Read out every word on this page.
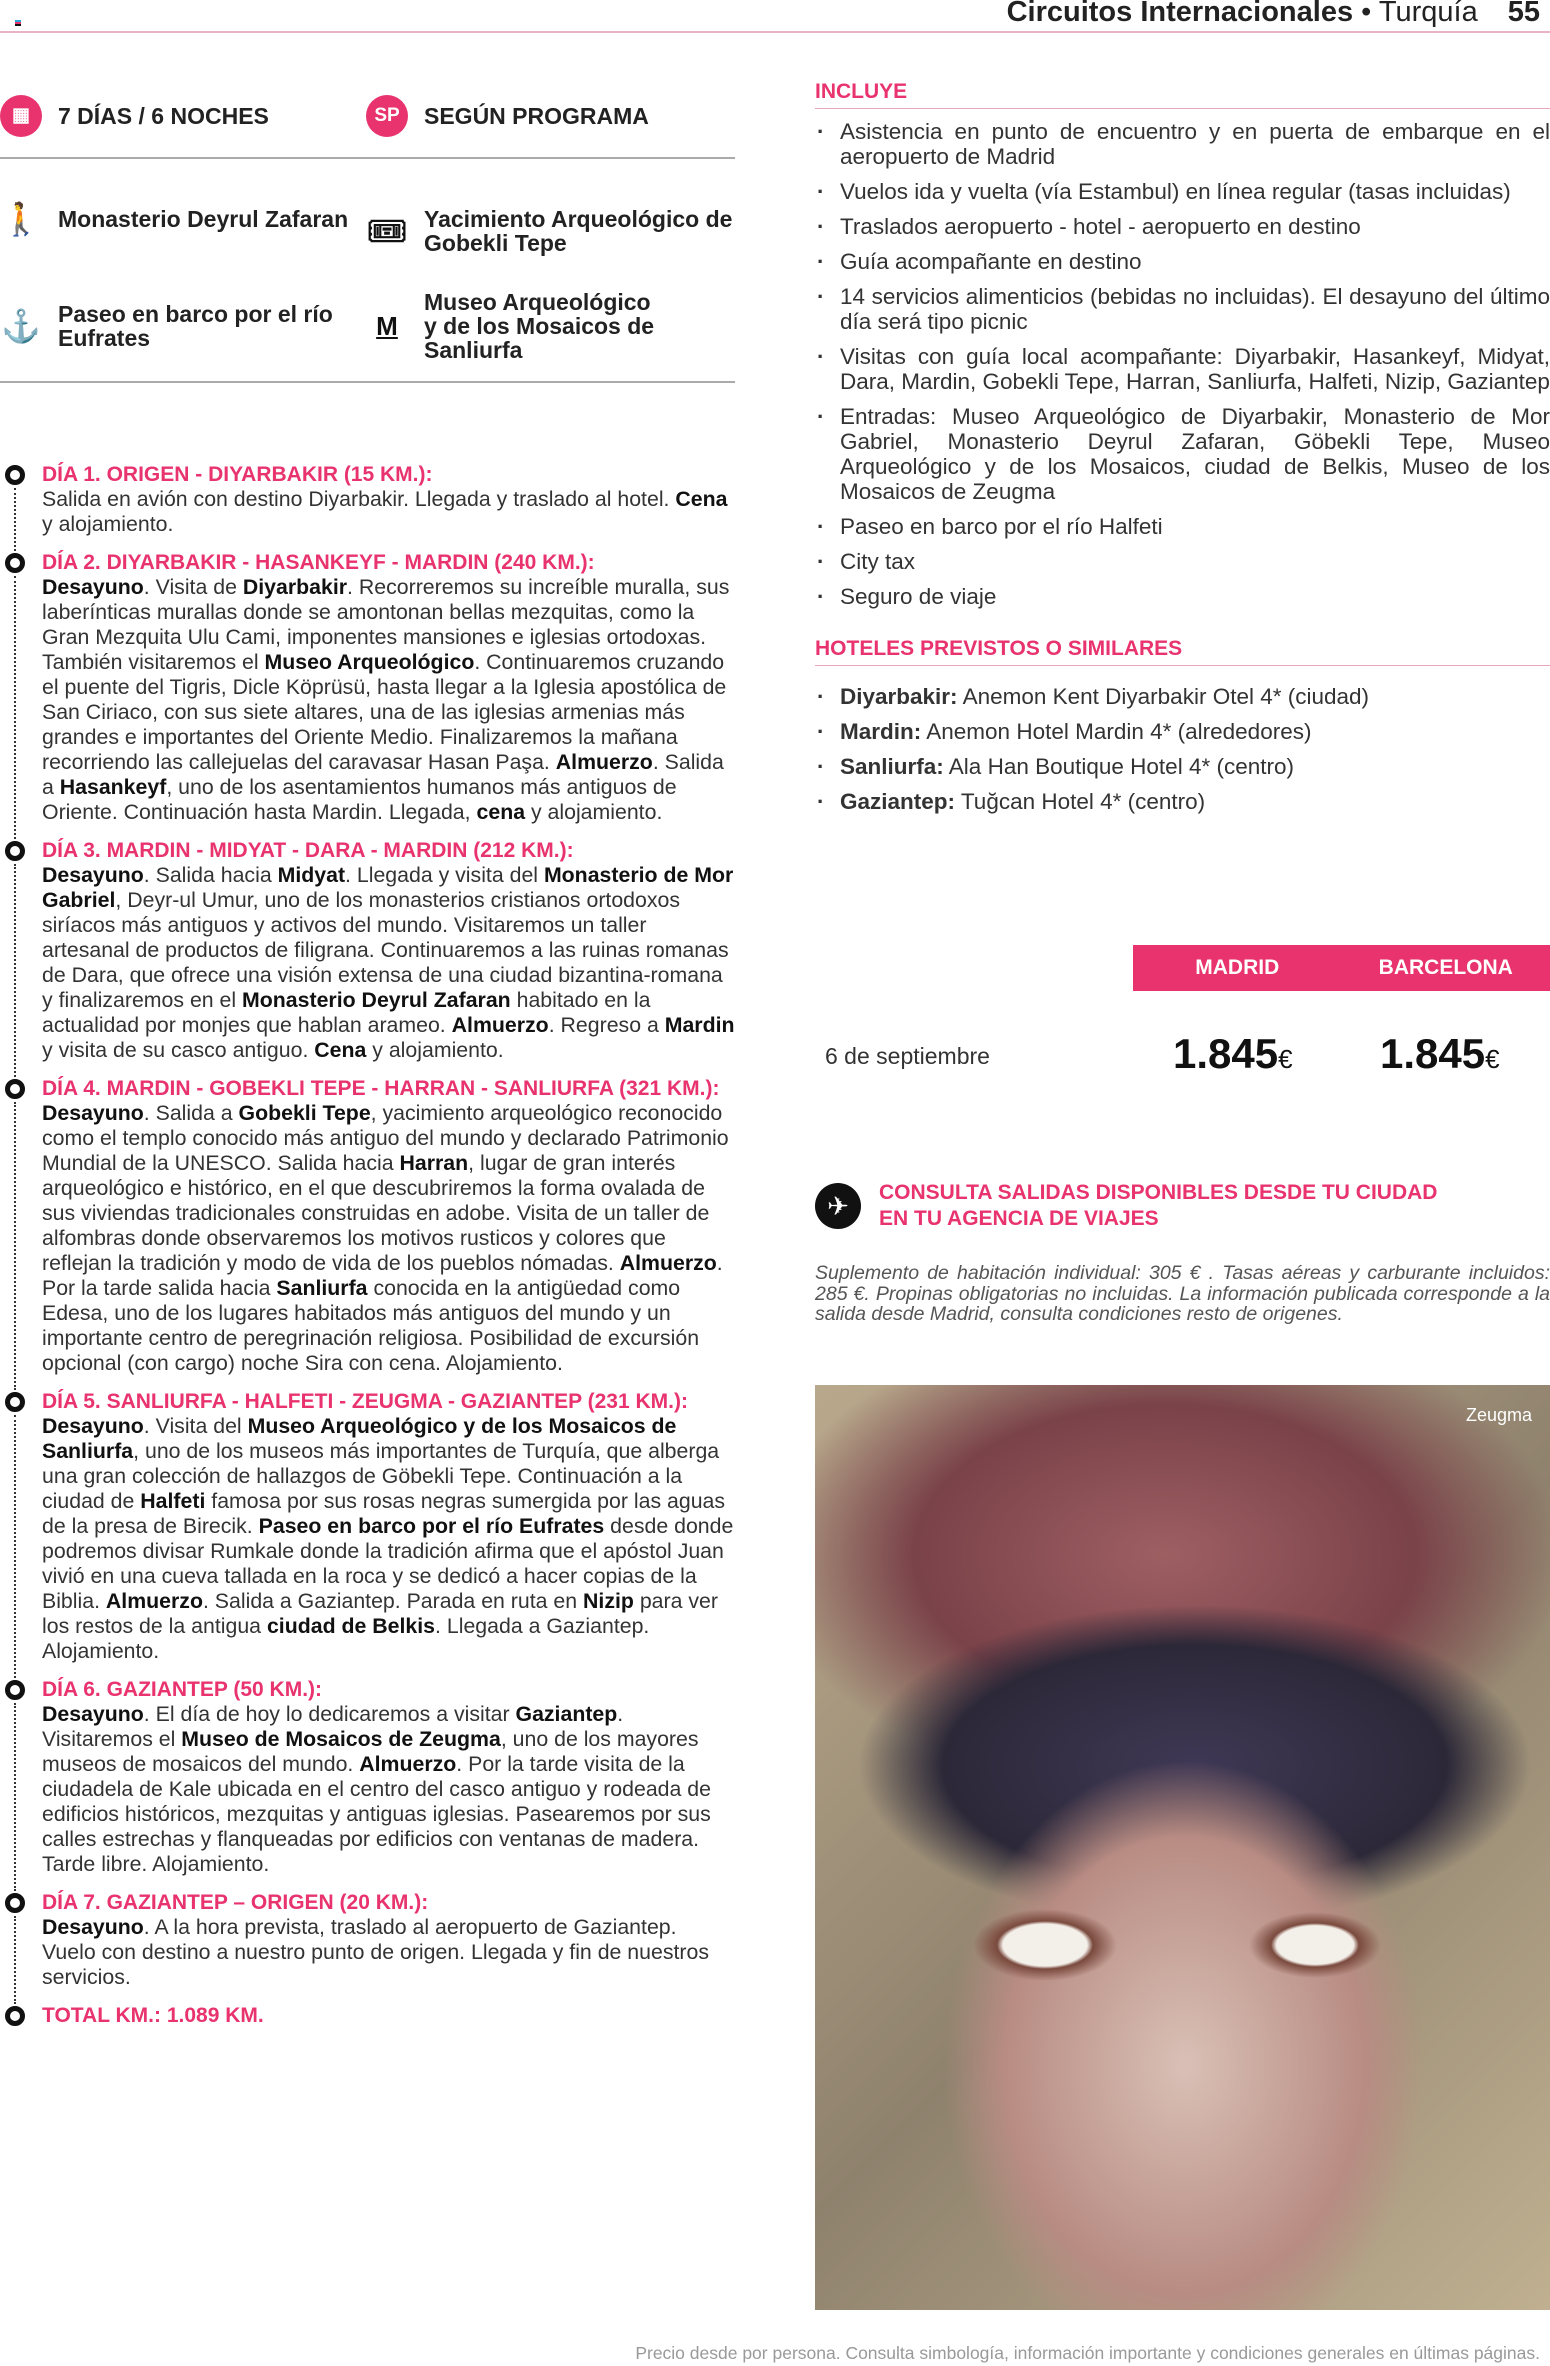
Circuitos Internacionales • Turquía 55
▦	7 DÍAS / 6 NOCHES	SP	SEGÚN PROGRAMA
🚶 Monasterio Deyrul Zafaran 🎟 Yacimiento Arqueológico de Gobekli Tepe
⚓ Paseo en barco por el río Eufrates	M
Museo Arqueológico y de los Mosaicos de Sanliurfa
DÍA 1. ORIGEN - DIYARBAKIR (15 KM.):

Salida en avión con destino Diyarbakir. Llegada y traslado al hotel. Cena y alojamiento.

DÍA 2. DIYARBAKIR - HASANKEYF - MARDIN (240 KM.):

Desayuno. Visita de Diyarbakir. Recorreremos su increíble muralla, sus laberínticas murallas donde se amontonan bellas mezquitas, como la Gran Mezquita Ulu Cami, imponentes mansiones e iglesias ortodoxas. También visitaremos el Museo Arqueológico. Continuaremos cruzando el puente del Tigris, Dicle Köprüsü, hasta llegar a la Iglesia apostólica de San Ciriaco, con sus siete altares, una de las iglesias armenias más grandes e importantes del Oriente Medio. Finalizaremos la mañana recorriendo las callejuelas del caravasar Hasan Paşa. Almuerzo. Salida a Hasankeyf, uno de los asentamientos humanos más antiguos de Oriente. Continuación hasta Mardin. Llegada, cena y alojamiento.

DÍA 3. MARDIN - MIDYAT - DARA - MARDIN (212 KM.):

Desayuno. Salida hacia Midyat. Llegada y visita del Monasterio de Mor Gabriel, Deyr-ul Umur, uno de los monasterios cristianos ortodoxos siríacos más antiguos y activos del mundo. Visitaremos un taller artesanal de productos de filigrana. Continuaremos a las ruinas romanas de Dara, que ofrece una visión extensa de una ciudad bizantina-romana y finalizaremos en el Monasterio Deyrul Zafaran habitado en la actualidad por monjes que hablan arameo. Almuerzo. Regreso a Mardin y visita de su casco antiguo. Cena y alojamiento.

DÍA 4. MARDIN - GOBEKLI TEPE - HARRAN - SANLIURFA (321 KM.):

Desayuno. Salida a Gobekli Tepe, yacimiento arqueológico reconocido como el templo conocido más antiguo del mundo y declarado Patrimonio Mundial de la UNESCO. Salida hacia Harran, lugar de gran interés arqueológico e histórico, en el que descubriremos la forma ovalada de sus viviendas tradicionales construidas en adobe. Visita de un taller de alfombras donde observaremos los motivos rusticos y colores que reflejan la tradición y modo de vida de los pueblos nómadas. Almuerzo. Por la tarde salida hacia Sanliurfa conocida en la antigüedad como Edesa, uno de los lugares habitados más antiguos del mundo y un importante centro de peregrinación religiosa. Posibilidad de excursión opcional (con cargo) noche Sira con cena. Alojamiento.

DÍA 5. SANLIURFA - HALFETI - ZEUGMA - GAZIANTEP (231 KM.):

Desayuno. Visita del Museo Arqueológico y de los Mosaicos de Sanliurfa, uno de los museos más importantes de Turquía, que alberga una gran colección de hallazgos de Göbekli Tepe. Continuación a la ciudad de Halfeti famosa por sus rosas negras sumergida por las aguas de la presa de Birecik. Paseo en barco por el río Eufrates desde donde podremos divisar Rumkale donde la tradición afirma que el apóstol Juan vivió en una cueva tallada en la roca y se dedicó a hacer copias de la Biblia. Almuerzo. Salida a Gaziantep. Parada en ruta en Nizip para ver los restos de la antigua ciudad de Belkis. Llegada a Gaziantep. Alojamiento.

DÍA 6. GAZIANTEP (50 KM.):

Desayuno. El día de hoy lo dedicaremos a visitar Gaziantep. Visitaremos el Museo de Mosaicos de Zeugma, uno de los mayores museos de mosaicos del mundo. Almuerzo. Por la tarde visita de la ciudadela de Kale ubicada en el centro del casco antiguo y rodeada de edificios históricos, mezquitas y antiguas iglesias. Pasearemos por sus calles estrechas y flanqueadas por edificios con ventanas de madera. Tarde libre. Alojamiento.

DÍA 7. GAZIANTEP – ORIGEN (20 KM.):

Desayuno. A la hora prevista, traslado al aeropuerto de Gaziantep. Vuelo con destino a nuestro punto de origen. Llegada y fin de nuestros servicios.

TOTAL KM.: 1.089 KM.
INCLUYE
· Asistencia en punto de encuentro y en puerta de embarque en el aeropuerto de Madrid
· Vuelos ida y vuelta (vía Estambul) en línea regular (tasas incluidas)
· Traslados aeropuerto - hotel - aeropuerto en destino
· Guía acompañante en destino
· 14 servicios alimenticios (bebidas no incluidas). El desayuno del último día será tipo picnic
· Visitas con guía local acompañante: Diyarbakir, Hasankeyf, Midyat, Dara, Mardin, Gobekli Tepe, Harran, Sanliurfa, Halfeti, Nizip, Gaziantep
· Entradas: Museo Arqueológico de Diyarbakir, Monasterio de Mor Gabriel, Monasterio Deyrul Zafaran, Göbekli Tepe, Museo Arqueológico y de los Mosaicos, ciudad de Belkis, Museo de los Mosaicos de Zeugma
· Paseo en barco por el río Halfeti
· City tax
· Seguro de viaje
HOTELES PREVISTOS O SIMILARES
· Diyarbakir: Anemon Kent Diyarbakir Otel 4* (ciudad)
· Mardin: Anemon Hotel Mardin 4* (alrededores)
· Sanliurfa: Ala Han Boutique Hotel 4* (centro)
· Gaziantep: Tuğcan Hotel 4* (centro)
MADRID	BARCELONA
6 de septiembre	1.845€ 1.845€
✈	CONSULTA SALIDAS DISPONIBLES DESDE TU CIUDAD
EN TU AGENCIA DE VIAJES
Suplemento de habitación individual: 305 € . Tasas aéreas y carburante incluidos: 285 €. Propinas obligatorias no incluidas. La información publicada corresponde a la salida desde Madrid, consulta condiciones resto de origenes.
Zeugma
Precio desde por persona. Consulta simbología, información importante y condiciones generales en últimas páginas.
